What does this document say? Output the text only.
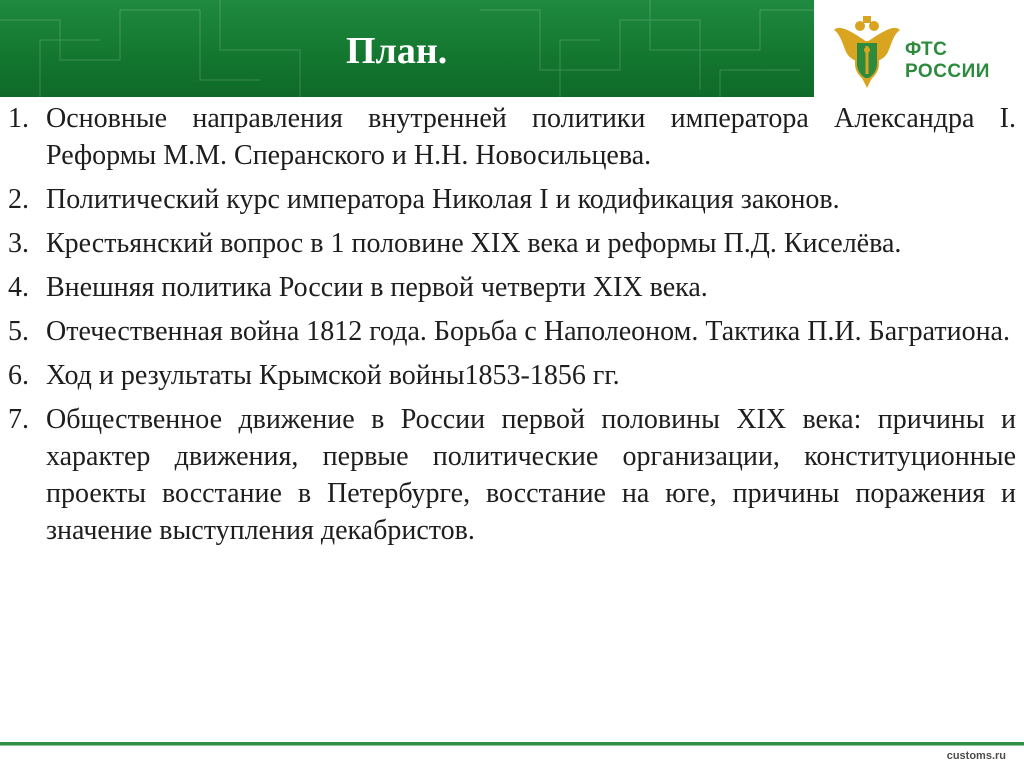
План.	ФТС
РОССИИ
1. Основные направления внутренней политики императора Александра I. Реформы М.М. Сперанского и Н.Н. Новосильцева.
2. Политический курс императора Николая I и кодификация законов.
3. Крестьянский вопрос в 1 половине XIX века и реформы П.Д. Киселёва.
4. Внешняя политика России в первой четверти XIX века.
5. Отечественная война 1812 года. Борьба с Наполеоном. Тактика П.И. Багратиона.
6. Ход и результаты Крымской войны1853-1856 гг.
7. Общественное движение в России первой половины XIX века: причины и характер движения, первые политические организации, конституционные проекты восстание в Петербурге, восстание на юге, причины поражения и значение выступления декабристов.
customs.ru
